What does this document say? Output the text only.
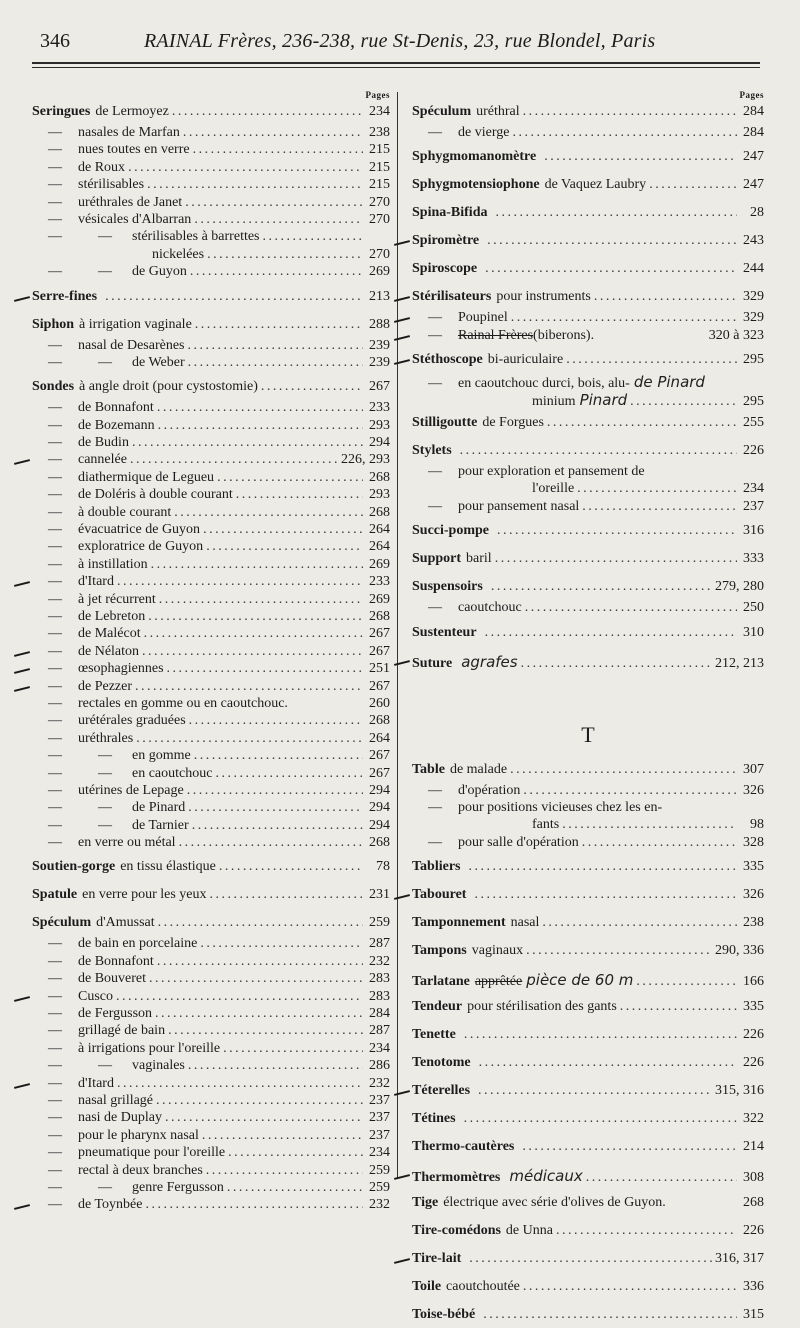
346	RAINAL Frères, 236-238, rue St-Denis, 23, rue Blondel, Paris
Pages
Seringues de Lermoyez . . .	234
—	nasales de Marfan . . .	238
—	nues toutes en verre . . .	215
—	de Roux . . .	215
—	stérilisables . . .	215
—	uréthrales de Janet . . .	270
—	vésicales d'Albarran . . .	270
—	—	stérilisables à barrettes
. . .
nickelées . . .	270
—	—	de Guyon . . .	269
Serre-fines . . .	213
Siphon à irrigation vaginale . . .	288
—	nasal de Desarènes . . .	239
—	—	de Weber . . .	239
Sondes à angle droit (pour cystostomie) . . .	267
—	de Bonnafont . . .	233
—	de Bozemann . . .	293
—	de Budin . . .	294
—	cannelée . . .	226, 293
—	diathermique de Legueu . . .	268
—	de Doléris à double courant . . .	293
—	à double courant . . .	268
—	évacuatrice de Guyon . . .	264
—	exploratrice de Guyon . . .	264
—	à instillation . . .	269
—	d'Itard . . .	233
—	à jet récurrent . . .	269
—	de Lebreton . . .	268
—	de Malécot . . .	267
—	de Nélaton . . .	267
—	œsophagiennes . . .	251
—	de Pezzer . . .	267
—	rectales en gomme ou en caoutchouc.	260
—	urétérales graduées . . .	268
—	uréthrales . . .	264
—	—	en gomme . . .	267
—	—	en caoutchouc . . .	267
—	utérines de Lepage . . .	294
—	—	de Pinard . . .	294
—	—	de Tarnier . . .	294
—	en verre ou métal . . .	268
Soutien-gorge en tissu élastique . . .	78
Spatule en verre pour les yeux . . .	231
Spéculum d'Amussat . . .	259
—	de bain en porcelaine . . .	287
—	de Bonnafont . . .	232
—	de Bouveret . . .	283
—	Cusco . . .	283
—	de Fergusson . . .	284
—	grillagé de bain . . .	287
—	à irrigations pour l'oreille . . .	234
—	—	vaginales . . .	286
—	d'Itard . . .	232
—	nasal grillagé . . .	237
—	nasi de Duplay . . .	237
—	pour le pharynx nasal . . .	237
—	pneumatique pour l'oreille . . .	234
—	rectal à deux branches . . .	259
—	—	genre Fergusson . . .	259
—	de Toynbée . . .	232
Pages
Spéculum uréthral . . .	284
—	de vierge . . .	284
Sphygmomanomètre . . .	247
Sphygmotensiophone de Vaquez Laubry . . .	247
Spina-Bifida . . .	28
Spiromètre . . .	243
Spiroscope . . .	244
Stérilisateurs pour instruments . . .	329
—	Poupinel . . .	329
—	Rainal Frères (biberons).	320 à 323
Stéthoscope bi-auriculaire . . .	295
—	en caoutchouc durci, bois, alu- de Pinard
minium Pinard . . .	295
Stilligoutte de Forgues . . .	255
Stylets . . .	226
—	pour exploration et pansement de
l'oreille . . .	234
—	pour pansement nasal . . .	237
Succi-pompe . . .	316
Support baril . . .	333
Suspensoirs . . .	279, 280
—	caoutchouc . . .	250
Sustenteur . . .	310
Suture agrafes . . .	212, 213
T
Table de malade . . .	307
—	d'opération . . .	326
—	pour positions vicieuses chez les en-
fants . . .	98
—	pour salle d'opération . . .	328
Tabliers . . .	335
Tabouret . . .	326
Tamponnement nasal . . .	238
Tampons vaginaux . . .	290, 336
Tarlatane apprêtée pièce de 60 m . . .	166
Tendeur pour stérilisation des gants . . .	335
Tenette . . .	226
Tenotome . . .	226
Téterelles . . .	315, 316
Tétines . . .	322
Thermo-cautères . . .	214
Thermomètres médicaux . . .	308
Tige électrique avec série d'olives de Guyon.	268
Tire-comédons de Unna . . .	226
Tire-lait . . .	316, 317
Toile caoutchoutée . . .	336
Toise-bébé . . .	315
